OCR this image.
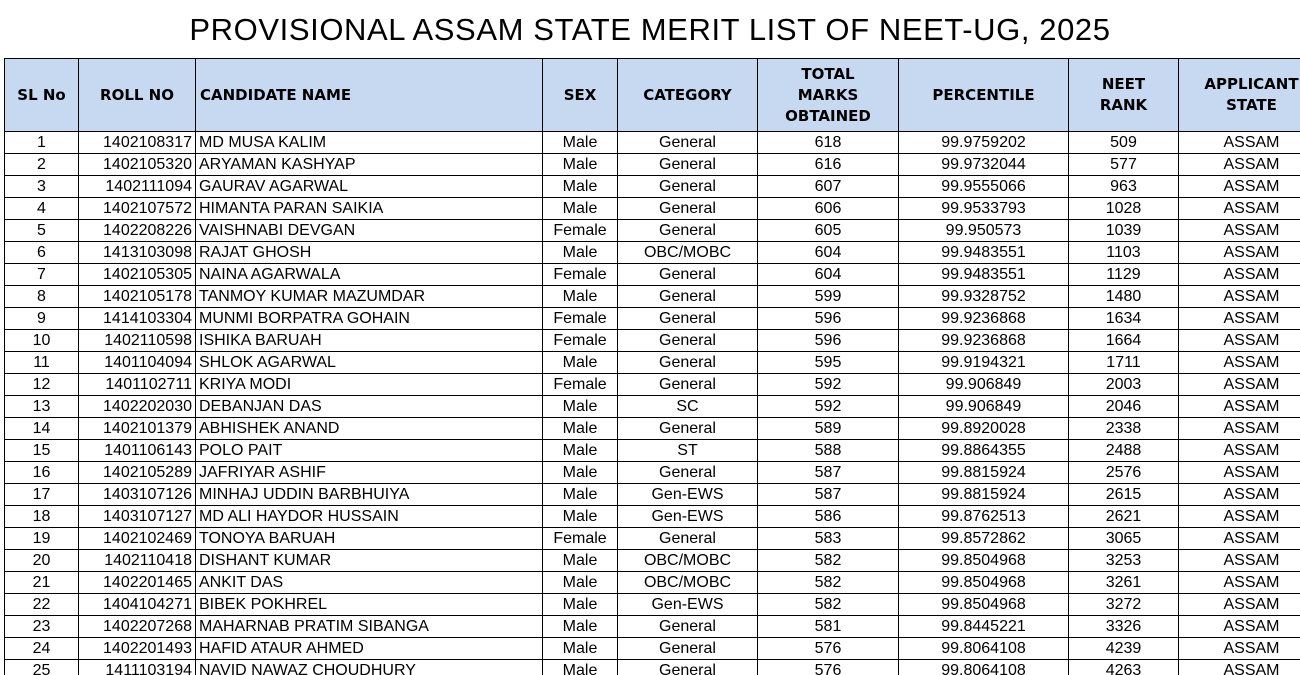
PROVISIONAL ASSAM STATE MERIT LIST OF NEET-UG, 2025
SL No	ROLL NO	CANDIDATE NAME	SEX	CATEGORY	TOTAL
MARKS
OBTAINED	PERCENTILE	NEET
RANK	APPLICANT
STATE
1	1402108317	MD MUSA KALIM	Male	General	618	99.9759202	509	ASSAM
2	1402105320	ARYAMAN KASHYAP	Male	General	616	99.9732044	577	ASSAM
3	1402111094	GAURAV AGARWAL	Male	General	607	99.9555066	963	ASSAM
4	1402107572	HIMANTA PARAN SAIKIA	Male	General	606	99.9533793	1028	ASSAM
5	1402208226	VAISHNABI DEVGAN	Female	General	605	99.950573	1039	ASSAM
6	1413103098	RAJAT GHOSH	Male	OBC/MOBC	604	99.9483551	1103	ASSAM
7	1402105305	NAINA AGARWALA	Female	General	604	99.9483551	1129	ASSAM
8	1402105178	TANMOY KUMAR MAZUMDAR	Male	General	599	99.9328752	1480	ASSAM
9	1414103304	MUNMI BORPATRA GOHAIN	Female	General	596	99.9236868	1634	ASSAM
10	1402110598	ISHIKA BARUAH	Female	General	596	99.9236868	1664	ASSAM
11	1401104094	SHLOK AGARWAL	Male	General	595	99.9194321	1711	ASSAM
12	1401102711	KRIYA MODI	Female	General	592	99.906849	2003	ASSAM
13	1402202030	DEBANJAN DAS	Male	SC	592	99.906849	2046	ASSAM
14	1402101379	ABHISHEK ANAND	Male	General	589	99.8920028	2338	ASSAM
15	1401106143	POLO PAIT	Male	ST	588	99.8864355	2488	ASSAM
16	1402105289	JAFRIYAR ASHIF	Male	General	587	99.8815924	2576	ASSAM
17	1403107126	MINHAJ UDDIN BARBHUIYA	Male	Gen-EWS	587	99.8815924	2615	ASSAM
18	1403107127	MD ALI HAYDOR HUSSAIN	Male	Gen-EWS	586	99.8762513	2621	ASSAM
19	1402102469	TONOYA BARUAH	Female	General	583	99.8572862	3065	ASSAM
20	1402110418	DISHANT KUMAR	Male	OBC/MOBC	582	99.8504968	3253	ASSAM
21	1402201465	ANKIT DAS	Male	OBC/MOBC	582	99.8504968	3261	ASSAM
22	1404104271	BIBEK POKHREL	Male	Gen-EWS	582	99.8504968	3272	ASSAM
23	1402207268	MAHARNAB PRATIM SIBANGA	Male	General	581	99.8445221	3326	ASSAM
24	1402201493	HAFID ATAUR AHMED	Male	General	576	99.8064108	4239	ASSAM
25	1411103194	NAVID NAWAZ CHOUDHURY	Male	General	576	99.8064108	4263	ASSAM
